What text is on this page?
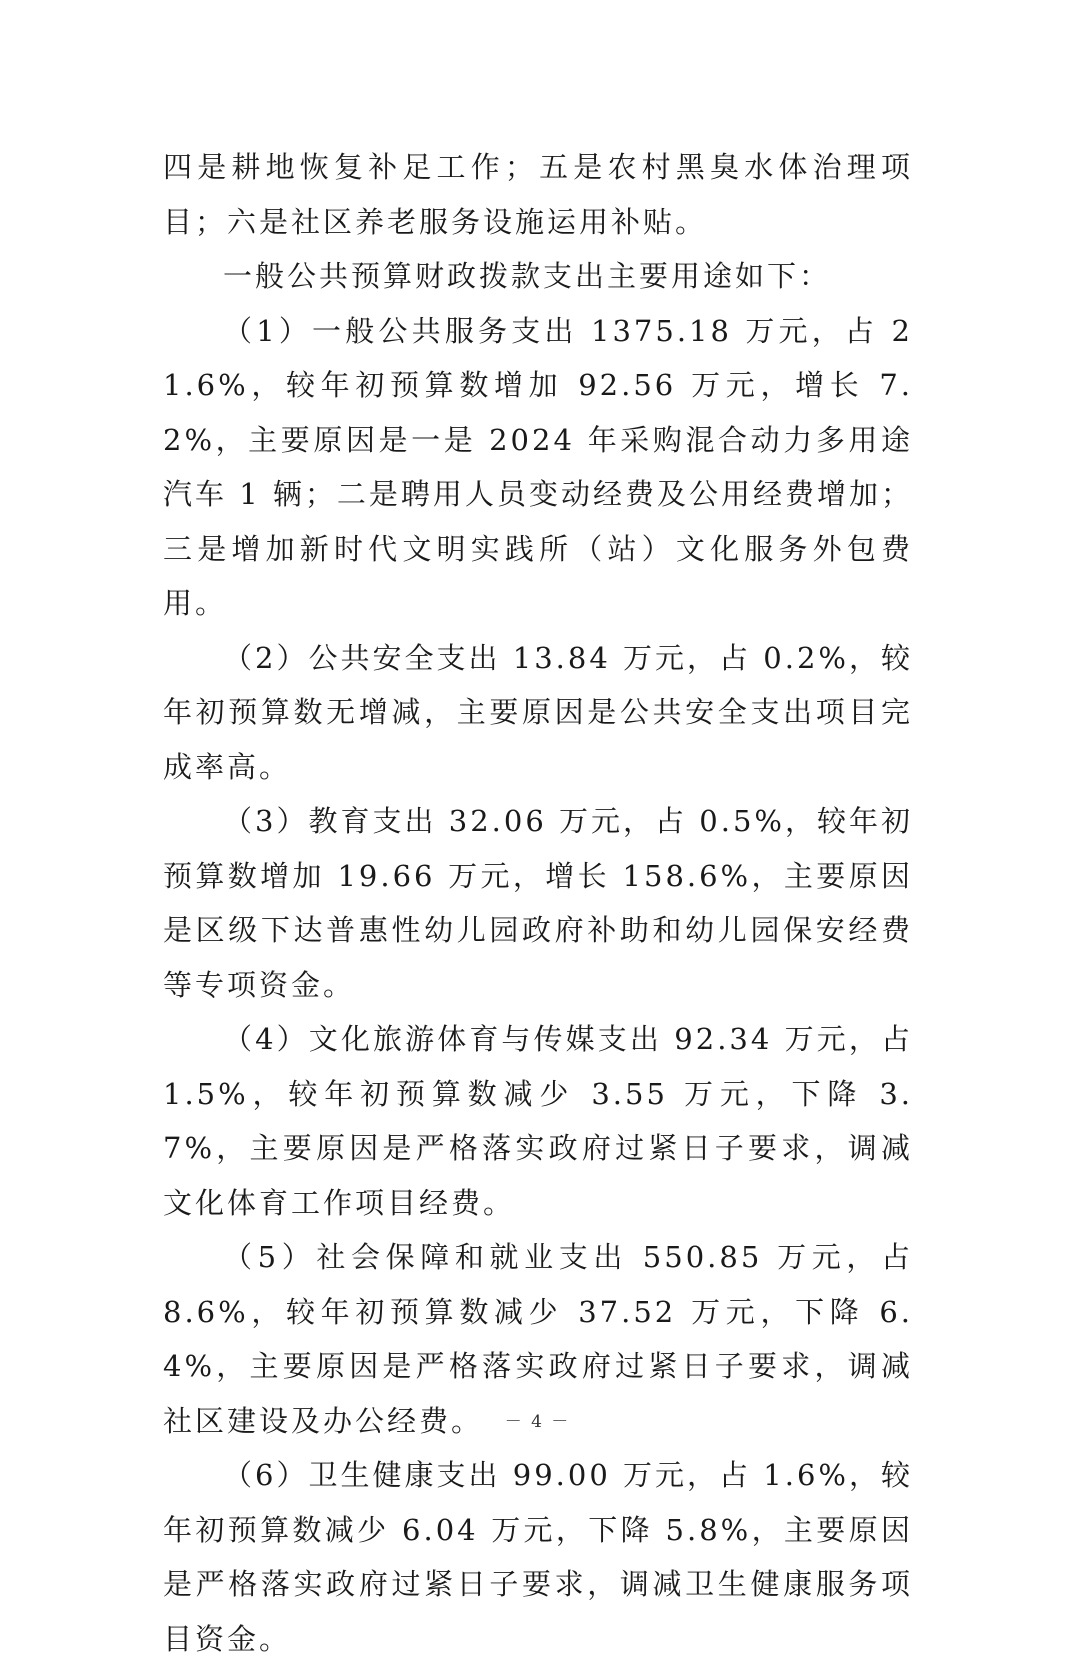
四是耕地恢复补足工作；五是农村黑臭水体治理项目；六是社区养老服务设施运用补贴。

一般公共预算财政拨款支出主要用途如下：

（1）一般公共服务支出 1375.18 万元，占 21.6%，较年初预算数增加 92.56 万元，增长 7.2%，主要原因是一是 2024 年采购混合动力多用途汽车 1 辆；二是聘用人员变动经费及公用经费增加；三是增加新时代文明实践所（站）文化服务外包费用。

（2）公共安全支出 13.84 万元，占 0.2%，较年初预算数无增减，主要原因是公共安全支出项目完成率高。

（3）教育支出 32.06 万元，占 0.5%，较年初预算数增加 19.66 万元，增长 158.6%，主要原因是区级下达普惠性幼儿园政府补助和幼儿园保安经费等专项资金。

（4）文化旅游体育与传媒支出 92.34 万元，占 1.5%，较年初预算数减少 3.55 万元，下降 3.7%，主要原因是严格落实政府过紧日子要求，调减文化体育工作项目经费。

（5）社会保障和就业支出 550.85 万元，占 8.6%，较年初预算数减少 37.52 万元，下降 6.4%，主要原因是严格落实政府过紧日子要求，调减社区建设及办公经费。

（6）卫生健康支出 99.00 万元，占 1.6%，较年初预算数减少 6.04 万元，下降 5.8%，主要原因是严格落实政府过紧日子要求，调减卫生健康服务项目资金。

－ 4 －
